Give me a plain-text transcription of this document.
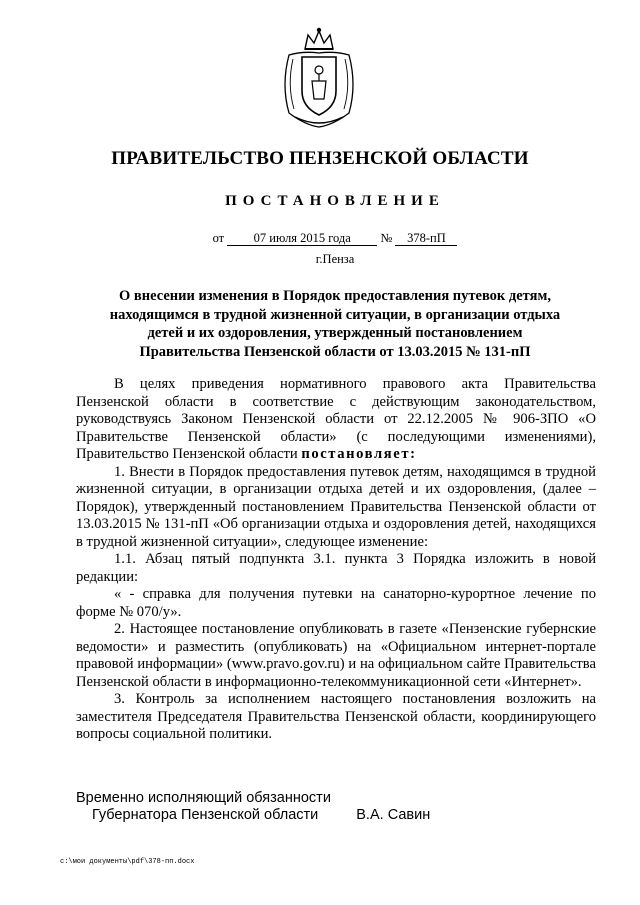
ПРАВИТЕЛЬСТВО ПЕНЗЕНСКОЙ ОБЛАСТИ
ПОСТАНОВЛЕНИЕ
от 07 июля 2015 года № 378-пП
г.Пенза
О внесении изменения в Порядок предоставления путевок детям, находящимся в трудной жизненной ситуации, в организации отдыха детей и их оздоровления, утвержденный постановлением Правительства Пензенской области от 13.03.2015 № 131-пП

В целях приведения нормативного правового акта Правительства Пензенской области в соответствие с действующим законодательством, руководствуясь Законом Пензенской области от 22.12.2005 № 906-ЗПО «О Правительстве Пензенской области» (с последующими изменениями), Правительство Пензенской области постановляет:

1. Внести в Порядок предоставления путевок детям, находящимся в трудной жизненной ситуации, в организации отдыха детей и их оздоровления, (далее – Порядок), утвержденный постановлением Правительства Пензенской области от 13.03.2015 № 131-пП «Об организации отдыха и оздоровления детей, находящихся в трудной жизненной ситуации», следующее изменение:

1.1. Абзац пятый подпункта 3.1. пункта 3 Порядка изложить в новой редакции:

« - справка для получения путевки на санаторно-курортное лечение по форме № 070/у».

2. Настоящее постановление опубликовать в газете «Пензенские губернские ведомости» и разместить (опубликовать) на «Официальном интернет-портале правовой информации» (www.pravo.gov.ru) и на официальном сайте Правительства Пензенской области в информационно-телекоммуникационной сети «Интернет».

3. Контроль за исполнением настоящего постановления возложить на заместителя Председателя Правительства Пензенской области, координирующего вопросы социальной политики.

Временно исполняющий обязанности
Губернатора Пензенской области	В.А. Савин
c:\мои документы\pdf\378-пп.docx
